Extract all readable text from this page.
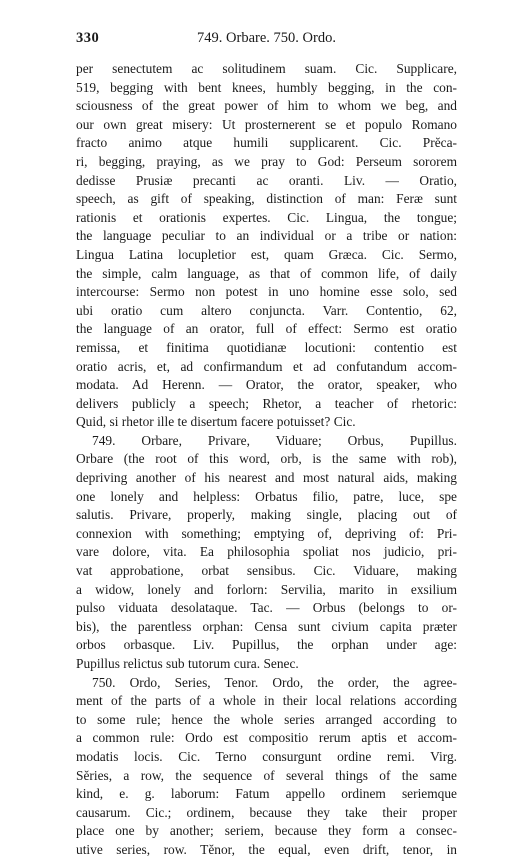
330	749. Orbare. 750. Ordo.
per senectutem ac solitudinem suam. Cic. Supplicare,
519, begging with bent knees, humbly begging, in the con-
sciousness of the great power of him to whom we beg, and
our own great misery: Ut prosternerent se et populo Romano
fracto animo atque humili supplicarent. Cic. Prĕca-
ri, begging, praying, as we pray to God: Perseum sororem
dedisse Prusiæ precanti ac oranti. Liv. — Oratio,
speech, as gift of speaking, distinction of man: Feræ sunt
rationis et orationis expertes. Cic. Lingua, the tongue;
the language peculiar to an individual or a tribe or nation:
Lingua Latina locupletior est, quam Græca. Cic. Sermo,
the simple, calm language, as that of common life, of daily
intercourse: Sermo non potest in uno homine esse solo, sed
ubi oratio cum altero conjuncta. Varr. Contentio, 62,
the language of an orator, full of effect: Sermo est oratio
remissa, et finitima quotidianæ locutioni: contentio est
oratio acris, et, ad confirmandum et ad confutandum accom-
modata. Ad Herenn. — Orator, the orator, speaker, who
delivers publicly a speech; Rhetor, a teacher of rhetoric:
Quid, si rhetor ille te disertum facere potuisset? Cic.
749. Orbare, Privare, Viduare; Orbus, Pupillus.
Orbare (the root of this word, orb, is the same with rob),
depriving another of his nearest and most natural aids, making
one lonely and helpless: Orbatus filio, patre, luce, spe
salutis. Privare, properly, making single, placing out of
connexion with something; emptying of, depriving of: Pri-
vare dolore, vita. Ea philosophia spoliat nos judicio, pri-
vat approbatione, orbat sensibus. Cic. Viduare, making
a widow, lonely and forlorn: Servilia, marito in exsilium
pulso viduata desolataque. Tac. — Orbus (belongs to or-
bis), the parentless orphan: Censa sunt civium capita præter
orbos orbasque. Liv. Pupillus, the orphan under age:
Pupillus relictus sub tutorum cura. Senec.
750. Ordo, Series, Tenor. Ordo, the order, the agree-
ment of the parts of a whole in their local relations according
to some rule; hence the whole series arranged according to
a common rule: Ordo est compositio rerum aptis et accom-
modatis locis. Cic. Terno consurgunt ordine remi. Virg.
Sĕries, a row, the sequence of several things of the same
kind, e. g. laborum: Fatum appello ordinem seriemque
causarum. Cic.; ordinem, because they take their proper
place one by another; seriem, because they form a consec-
utive series, row. Tĕnor, the equal, even drift, tenor, in
